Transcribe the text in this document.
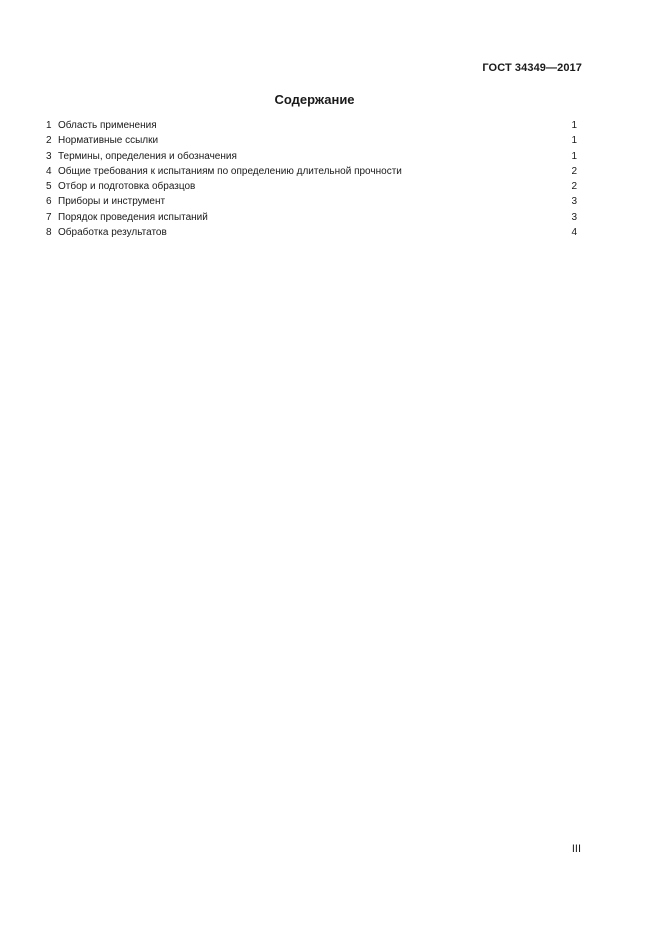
ГОСТ 34349—2017
Содержание
1 Область применения	1
2 Нормативные ссылки	1
3 Термины, определения и обозначения	1
4 Общие требования к испытаниям по определению длительной прочности	2
5 Отбор и подготовка образцов	2
6 Приборы и инструмент	3
7 Порядок проведения испытаний	3
8 Обработка результатов	4
III
